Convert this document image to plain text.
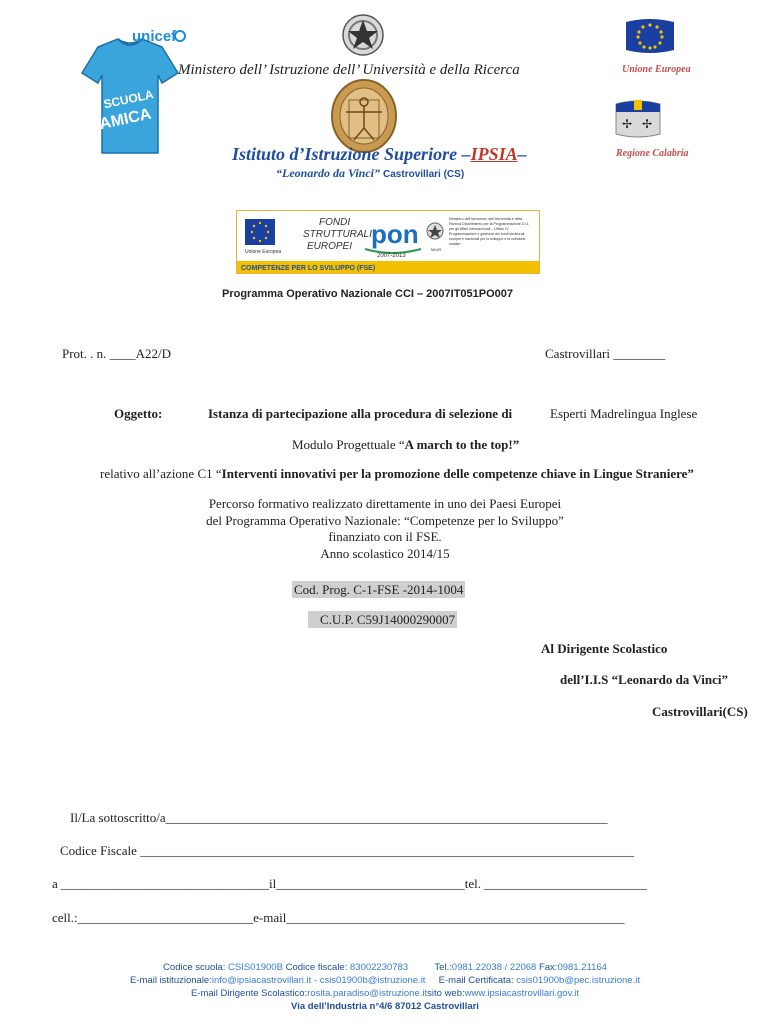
unicef
SCUOLA
AMICA
Ministero dell’ Istruzione dell’ Università e della Ricerca	Unione Europea
✢ ✢
Regione Calabria
Istituto d’Istruzione Superiore –IPSIA–
“Leonardo da Vinci” Castrovillari (CS)
Unione Europea
FONDI
STRUTTURALI
EUROPEI pon
2007-2013
MIUR
Ministero dell'Istruzione, dell'Università e della Ricerca Dipartimento per la Programmazione D.G. per gli Affari Internazionali – Ufficio IV Programmazione e gestione dei fondi strutturali europei e nazionali per lo sviluppo e la coesione sociale
COMPETENZE PER LO SVILUPPO (FSE)
Programma Operativo Nazionale CCI – 2007IT051PO007
Prot. . n. ____A22/D	Castrovillari ________
Oggetto:	Istanza di partecipazione alla procedura di selezione di	Esperti Madrelingua Inglese
Modulo Progettuale “A march to the top!”
relativo all’azione C1 “Interventi innovativi per la promozione delle competenze chiave in Lingue Straniere”
Percorso formativo realizzato direttamente in uno dei Paesi Europei
del Programma Operativo Nazionale: “Competenze per lo Sviluppo”
finanziato con il FSE.
Anno scolastico 2014/15
Cod. Prog. C-1-FSE -2014-1004
C.U.P. C59J14000290007
Al Dirigente Scolastico
dell’I.I.S “Leonardo da Vinci”
Castrovillari(CS)
Il/La sottoscritto/a____________________________________________________________________
Codice Fiscale ____________________________________________________________________________
a ________________________________il_____________________________tel. _________________________
cell.:___________________________e-mail____________________________________________________
Codice scuola: CSIS01900B Codice fiscale: 83002230783	Tel.:0981.22038 / 22068 Fax:0981.21164
E-mail istituzionale:info@ipsiacastrovillari.it - csis01900b@istruzione.it E-mail Certificata: csis01900b@pec.istruzione.it
E-mail Dirigente Scolastico:rosita.paradiso@istruzione.itsito web:www.ipsiacastrovillari.gov.it
Via dell’Industria n°4/6 87012 Castrovillari
